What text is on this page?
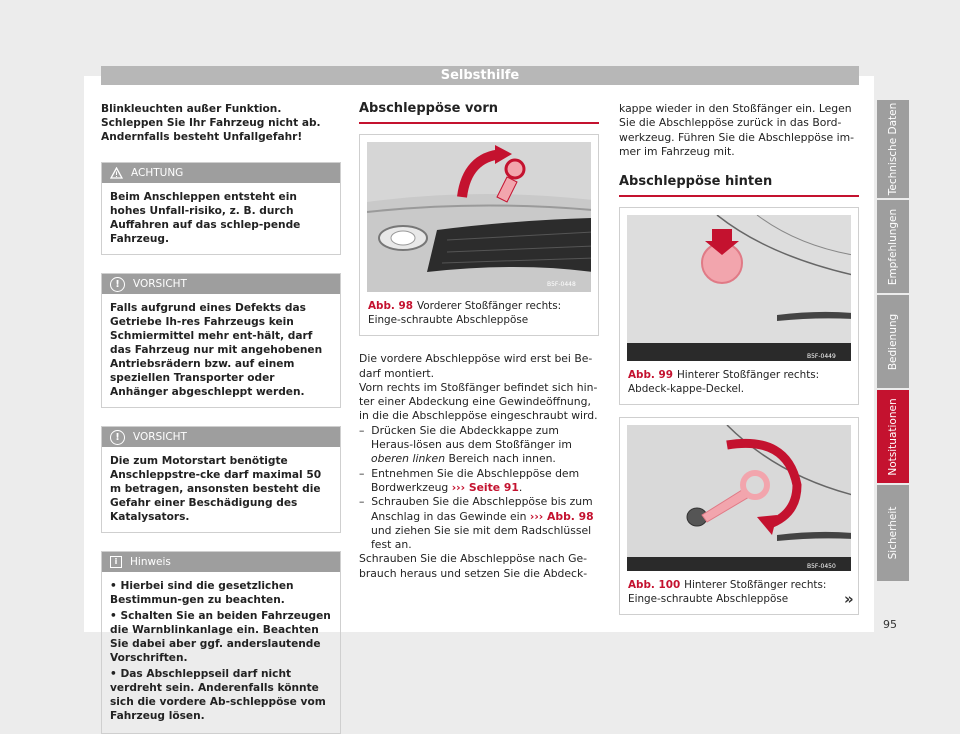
Selbsthilfe
Blinkleuchten außer Funktion. Schleppen Sie Ihr Fahrzeug nicht ab. Andernfalls besteht Unfallgefahr!
ACHTUNG
Beim Anschleppen entsteht ein hohes Unfall-risiko, z. B. durch Auffahren auf das schlep-pende Fahrzeug.
!	VORSICHT
Falls aufgrund eines Defekts das Getriebe Ih-res Fahrzeugs kein Schmiermittel mehr ent-hält, darf das Fahrzeug nur mit angehobenen Antriebsrädern bzw. auf einem speziellen Transporter oder Anhänger abgeschleppt werden.
!	VORSICHT
Die zum Motorstart benötigte Anschleppstre-cke darf maximal 50 m betragen, ansonsten besteht die Gefahr einer Beschädigung des Katalysators.
i	Hinweis
• Hierbei sind die gesetzlichen Bestimmun-gen zu beachten.
• Schalten Sie an beiden Fahrzeugen die Warnblinkanlage ein. Beachten Sie dabei aber ggf. anderslautende Vorschriften.
• Das Abschleppseil darf nicht verdreht sein. Anderenfalls könnte sich die vordere Ab-schleppöse vom Fahrzeug lösen.
Abschleppöse vorn
B5F-0448
Abb. 98 Vorderer Stoßfänger rechts: Einge-schraubte Abschleppöse

Die vordere Abschleppöse wird erst bei Be-darf montiert.

Vorn rechts im Stoßfänger befindet sich hin-ter einer Abdeckung eine Gewindeöffnung, in die die Abschleppöse eingeschraubt wird.

–  Drücken Sie die Abdeckkappe zum Heraus-lösen aus dem Stoßfänger im oberen linken Bereich nach innen.

–  Entnehmen Sie die Abschleppöse dem Bordwerkzeug ››› Seite 91.

–  Schrauben Sie die Abschleppöse bis zum Anschlag in das Gewinde ein ››› Abb. 98 und ziehen Sie sie mit dem Radschlüssel fest an.

Schrauben Sie die Abschleppöse nach Ge-brauch heraus und setzen Sie die Abdeck-

kappe wieder in den Stoßfänger ein. Legen Sie die Abschleppöse zurück in das Bord-werkzeug. Führen Sie die Abschleppöse im-mer im Fahrzeug mit.

Abschleppöse hinten
B5F-0449
Abb. 99 Hinterer Stoßfänger rechts: Abdeck-kappe-Deckel.
B5F-0450
Abb. 100 Hinterer Stoßfänger rechts: Einge-schraubte Abschleppöse	»
Technische Daten
Empfehlungen
Bedienung
Notsituationen
Sicherheit
95
